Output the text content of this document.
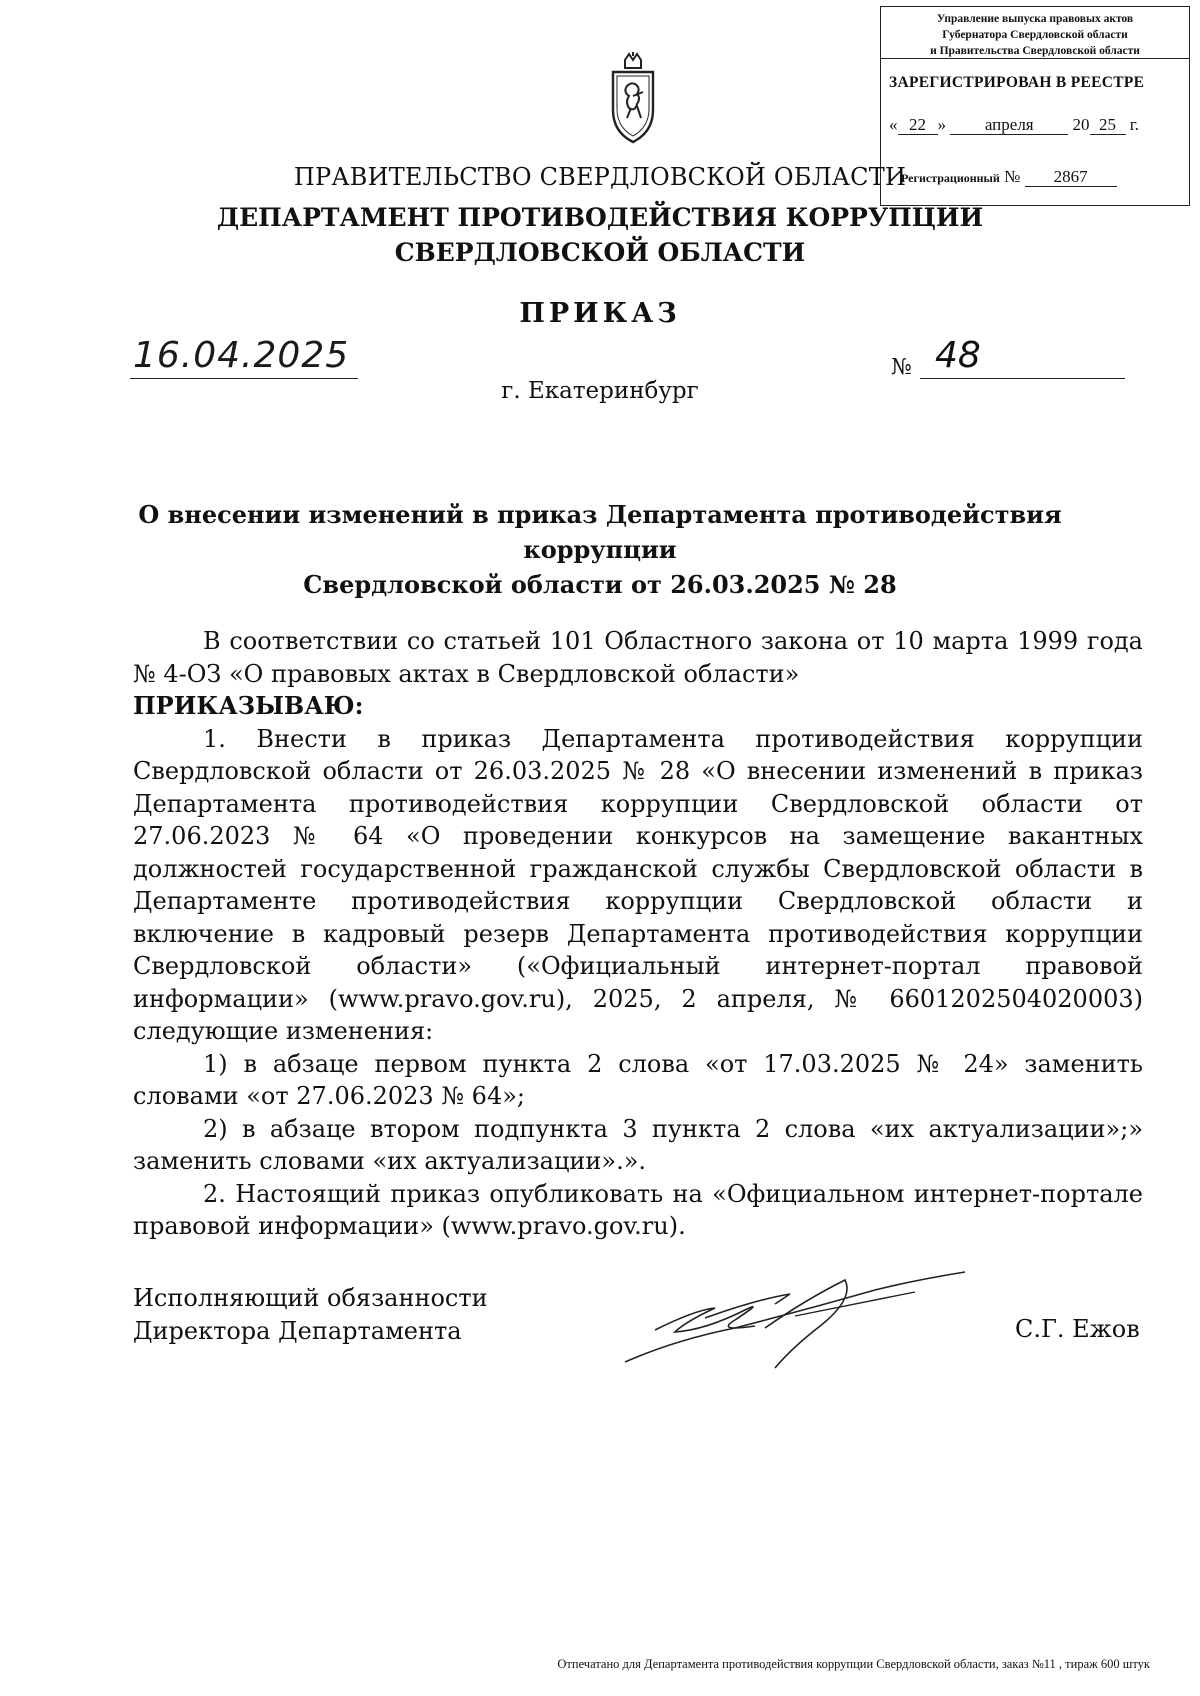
Управление выпуска правовых актов
Губернатора Свердловской области
и Правительства Свердловской области
ЗАРЕГИСТРИРОВАН В РЕЕСТРЕ
« 22 » апреля 20 25 г.
Регистрационный № 2867
ПРАВИТЕЛЬСТВО СВЕРДЛОВСКОЙ ОБЛАСТИ
ДЕПАРТАМЕНТ ПРОТИВОДЕЙСТВИЯ КОРРУПЦИИ
СВЕРДЛОВСКОЙ ОБЛАСТИ
ПРИКАЗ
16.04.2025	№ 48
г. Екатеринбург
О внесении изменений в приказ Департамента противодействия коррупции
Свердловской области от 26.03.2025 № 28

В соответствии со статьей 101 Областного закона от 10 марта 1999 года № 4-ОЗ «О правовых актах в Свердловской области»

ПРИКАЗЫВАЮ:

1. Внести в приказ Департамента противодействия коррупции Свердловской области от 26.03.2025 № 28 «О внесении изменений в приказ Департамента противодействия коррупции Свердловской области от 27.06.2023 № 64 «О проведении конкурсов на замещение вакантных должностей государственной гражданской службы Свердловской области в Департаменте противодействия коррупции Свердловской области и включение в кадровый резерв Департамента противодействия коррупции Свердловской области» («Официальный интернет-портал правовой информации» (www.pravo.gov.ru), 2025, 2 апреля, № 6601202504020003) следующие изменения:

1) в абзаце первом пункта 2 слова «от 17.03.2025 № 24» заменить словами «от 27.06.2023 № 64»;

2) в абзаце втором подпункта 3 пункта 2 слова «их актуализации»;» заменить словами «их актуализации».».

2. Настоящий приказ опубликовать на «Официальном интернет-портале правовой информации» (www.pravo.gov.ru).

Исполняющий обязанности
Директора Департамента	С.Г. Ежов
Отпечатано для Департамента противодействия коррупции Свердловской области, заказ №11 , тираж 600 штук
